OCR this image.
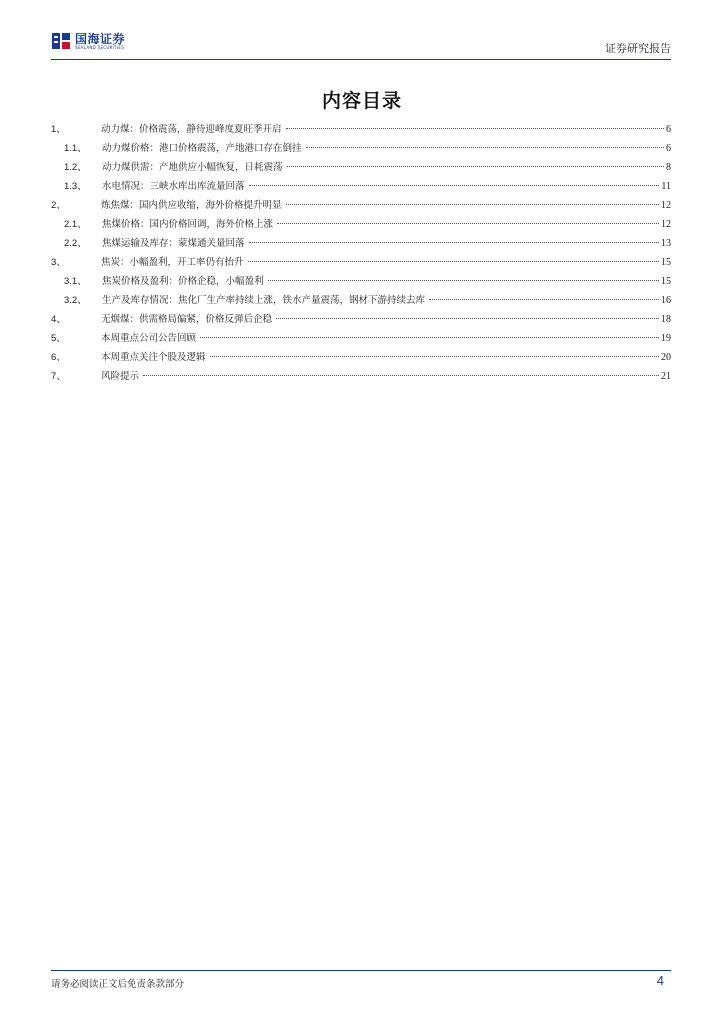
国海证券
SEALAND SECURITIES	证券研究报告
内容目录
1、	动力煤：价格震荡，静待迎峰度夏旺季开启	6
1.1、	动力煤价格：港口价格震荡，产地港口存在倒挂	6
1.2、	动力煤供需：产地供应小幅恢复，日耗震荡	8
1.3、	水电情况：三峡水库出库流量回落	11
2、	炼焦煤：国内供应收缩，海外价格提升明显	12
2.1、	焦煤价格：国内价格回调，海外价格上涨	12
2.2、	焦煤运输及库存：蒙煤通关量回落	13
3、	焦炭：小幅盈利，开工率仍有抬升	15
3.1、	焦炭价格及盈利：价格企稳，小幅盈利	15
3.2、	生产及库存情况：焦化厂生产率持续上涨，铁水产量震荡，钢材下游持续去库	16
4、	无烟煤：供需格局偏紧，价格反弹后企稳	18
5、	本周重点公司公告回顾	19
6、	本周重点关注个股及逻辑	20
7、	风险提示	21
请务必阅读正文后免责条款部分	4
